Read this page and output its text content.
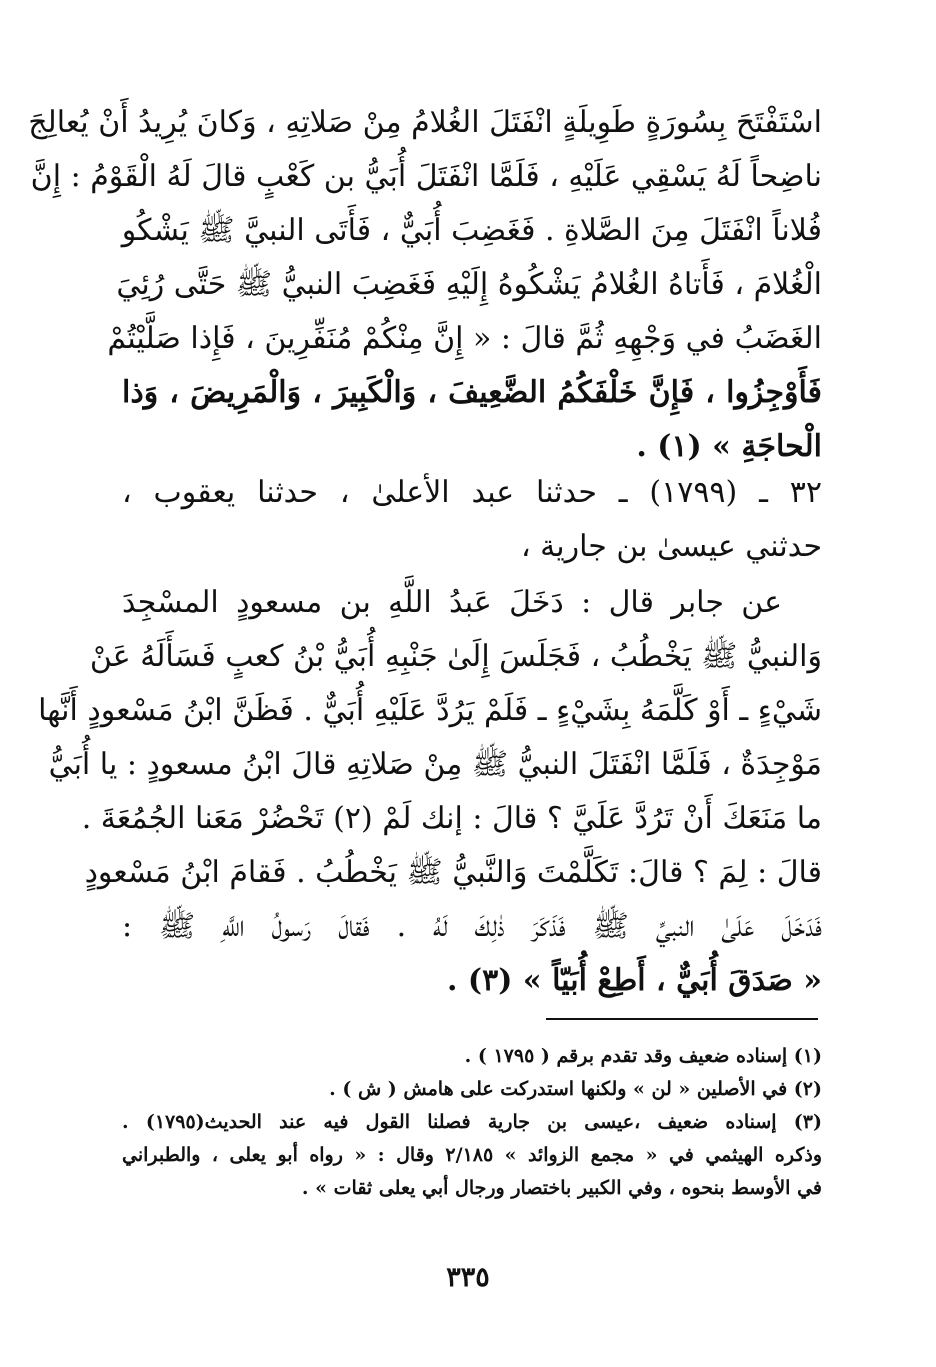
اسْتَفْتَحَ بِسُورَةٍ طَوِيلَةٍ انْفَتَلَ الغُلامُ مِنْ صَلاتِهِ ، وَكانَ يُرِيدُ أَنْ يُعالِجَ
ناضِحاً لَهُ يَسْقِي عَلَيْهِ ، فَلَمَّا انْفَتَلَ أُبَيُّ بن كَعْبٍ قالَ لَهُ الْقَوْمُ : إِنَّ
فُلاناً انْفَتَلَ مِنَ الصَّلاةِ . فَغَضِبَ أُبَيٌّ ، فَأَتَى النبيَّ ﷺ يَشْكُو
الْغُلامَ ، فَأَتاهُ الغُلامُ يَشْكُوهُ إِلَيْهِ فَغَضِبَ النبيُّ ﷺ حَتَّى رُئِيَ
الغَضَبُ في وَجْهِهِ ثُمَّ قالَ : « إِنَّ مِنْكُمْ مُنَفِّرِينَ ، فَإِذا صَلَّيْتُمْ
فَأَوْجِزُوا ، فَإِنَّ خَلْفَكُمُ الضَّعِيفَ ، وَالْكَبِيرَ ، وَالْمَرِيضَ ، وَذا
الْحاجَةِ » (١) .
٣٢ ـ (١٧٩٩) ـ حدثنا عبد الأعلىٰ ، حدثنا يعقوب ،
حدثني عيسىٰ بن جارية ،
عن جابر قال : دَخَلَ عَبدُ اللَّهِ بن مسعودٍ المسْجِدَ
وَالنبيُّ ﷺ يَخْطُبُ ، فَجَلَسَ إِلَىٰ جَنْبِهِ أُبَيُّ بْنُ كعبٍ فَسَأَلَهُ عَنْ
شَيْءٍ ـ أَوْ كَلَّمَهُ بِشَيْءٍ ـ فَلَمْ يَرُدَّ عَلَيْهِ أُبَيٌّ . فَظَنَّ ابْنُ مَسْعودٍ أَنَّها
مَوْجِدَةٌ ، فَلَمَّا انْفَتَلَ النبيُّ ﷺ مِنْ صَلاتِهِ قالَ ابْنُ مسعودٍ : يا أُبَيُّ
ما مَنَعَكَ أَنْ تَرُدَّ عَلَيَّ ؟ قالَ : إنك لَمْ (٢) تَحْضُرْ مَعَنا الجُمُعَةَ .
قالَ : لِمَ ؟ قالَ: تَكَلَّمْتَ وَالنَّبيُّ ﷺ يَخْطُبُ . فَقامَ ابْنُ مَسْعودٍ
فَدَخَلَ عَلَىٰ النبيِّ ﷺ فَذَكَرَ ذٰلِكَ لَهُ . فَقالَ رَسولُ اللَّهِ ﷺ :
« صَدَقَ أُبَيٌّ ، أَطِعْ أُبَيّاً » (٣) .
(١) إسناده ضعيف وقد تقدم برقم ( ١٧٩٥ ) .
(٢) في الأصلين « لن » ولكنها استدركت على هامش ( ش ) .
(٣) إسناده ضعيف ،عيسى بن جارية فصلنا القول فيه عند الحديث(١٧٩٥) .
وذكره الهيثمي في « مجمع الزوائد » ٢/١٨٥ وقال : « رواه أبو يعلى ، والطبراني
في الأوسط بنحوه ، وفي الكبير باختصار ورجال أبي يعلى ثقات » .
٣٣٥
